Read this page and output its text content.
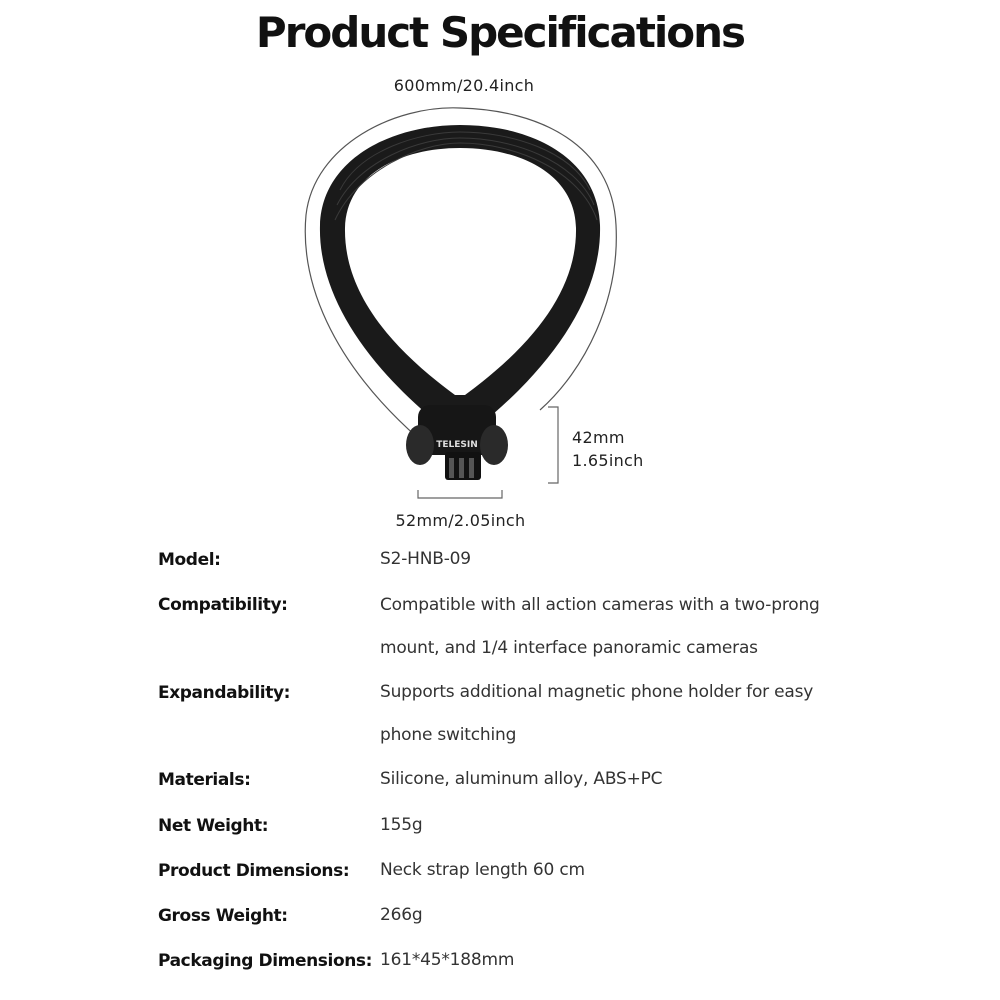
Product Specifications
600mm/20.4inch
42mm
1.65inch
52mm/2.05inch
TELESIN
Model:	S2-HNB-09
Compatibility:	Compatible with all action cameras with a two-prong mount, and 1/4 interface panoramic cameras
Expandability:	Supports additional magnetic phone holder for easy phone switching
Materials:	Silicone, aluminum alloy, ABS+PC
Net Weight:	155g
Product Dimensions: Neck strap length 60 cm
Gross Weight:	266g
Packaging Dimensions: 161*45*188mm
